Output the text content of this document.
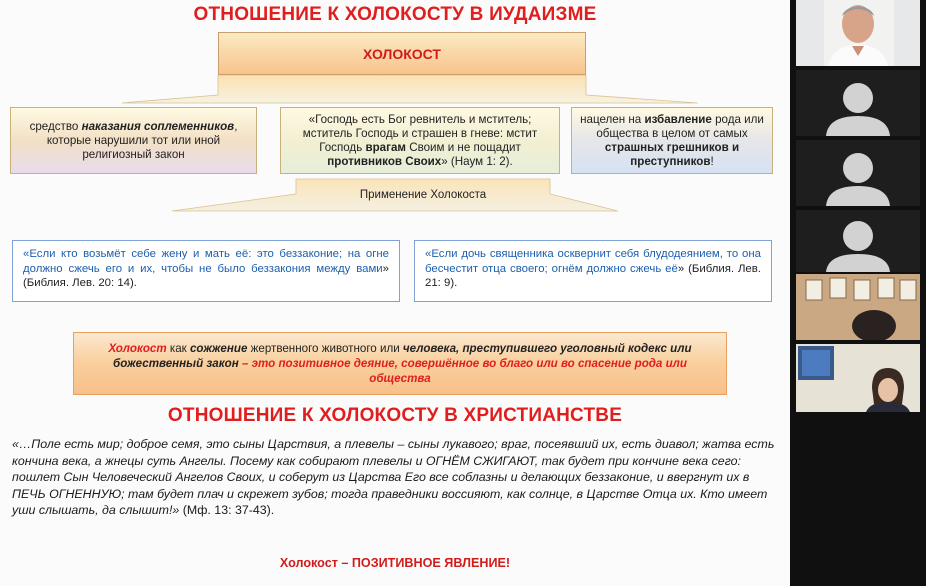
ОТНОШЕНИЕ К ХОЛОКОСТУ В ИУДАИЗМЕ
ХОЛОКОСТ
средство наказания соплеменников, которые нарушили тот или иной религиозный закон
«Господь есть Бог ревнитель и мститель; мститель Господь и страшен в гневе: мстит Господь врагам Своим и не пощадит противников Своих» (Наум 1: 2).
нацелен на избавление рода или общества в целом от самых страшных грешников и преступников!
Применение Холокоста
«Если кто возьмёт себе жену и мать её: это беззаконие; на огне должно сжечь его и их, чтобы не было беззакония между вами» (Библия. Лев. 20: 14).
«Если дочь священника осквернит себя блудодеянием, то она бесчестит отца своего; огнём должно сжечь её» (Библия. Лев. 21: 9).
Холокост как сожжение жертвенного животного или человека, преступившего уголовный кодекс или божественный закон – это позитивное деяние, совершённое во благо или во спасение рода или общества
ОТНОШЕНИЕ К ХОЛОКОСТУ В ХРИСТИАНСТВЕ
«…Поле есть мир; доброе семя, это сыны Царствия, а плевелы – сыны лукавого; враг, посеявший их, есть диавол; жатва есть кончина века, а жнецы суть Ангелы. Посему как собирают плевелы и ОГНЁМ СЖИГАЮТ, так будет при кончине века сего: пошлет Сын Человеческий Ангелов Своих, и соберут из Царства Его все соблазны и делающих беззаконие, и ввергнут их в ПЕЧЬ ОГНЕННУЮ; там будет плач и скрежет зубов; тогда праведники воссияют, как солнце, в Царстве Отца их. Кто имеет уши слышать, да слышит!» (Мф. 13: 37-43).
Холокост – ПОЗИТИВНОЕ ЯВЛЕНИЕ!
